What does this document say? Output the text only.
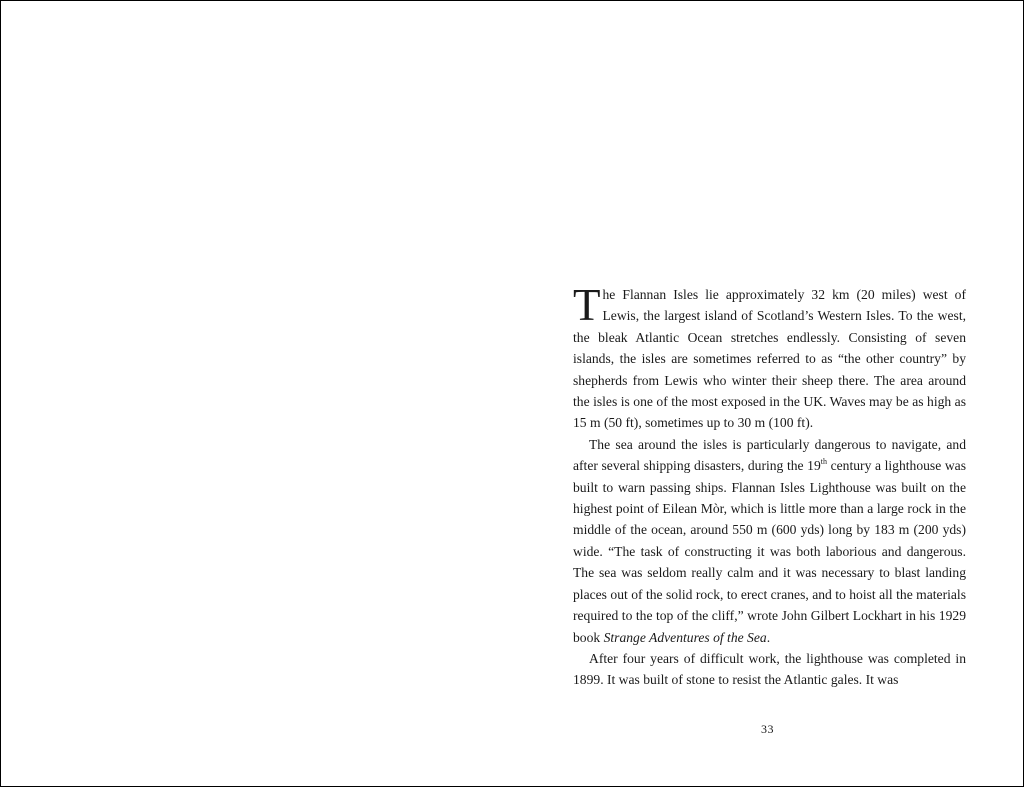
The Flannan Isles lie approximately 32 km (20 miles) west of Lewis, the largest island of Scotland’s Western Isles. To the west, the bleak Atlantic Ocean stretches endlessly. Consisting of seven islands, the isles are sometimes referred to as “the other country” by shepherds from Lewis who winter their sheep there. The area around the isles is one of the most exposed in the UK. Waves may be as high as 15 m (50 ft), sometimes up to 30 m (100 ft).

The sea around the isles is particularly dangerous to navigate, and after several shipping disasters, during the 19th century a lighthouse was built to warn passing ships. Flannan Isles Lighthouse was built on the highest point of Eilean Mòr, which is little more than a large rock in the middle of the ocean, around 550 m (600 yds) long by 183 m (200 yds) wide. “The task of constructing it was both laborious and dangerous. The sea was seldom really calm and it was necessary to blast landing places out of the solid rock, to erect cranes, and to hoist all the materials required to the top of the cliff,” wrote John Gilbert Lockhart in his 1929 book Strange Adventures of the Sea.

After four years of difficult work, the lighthouse was completed in 1899. It was built of stone to resist the Atlantic gales. It was

33
